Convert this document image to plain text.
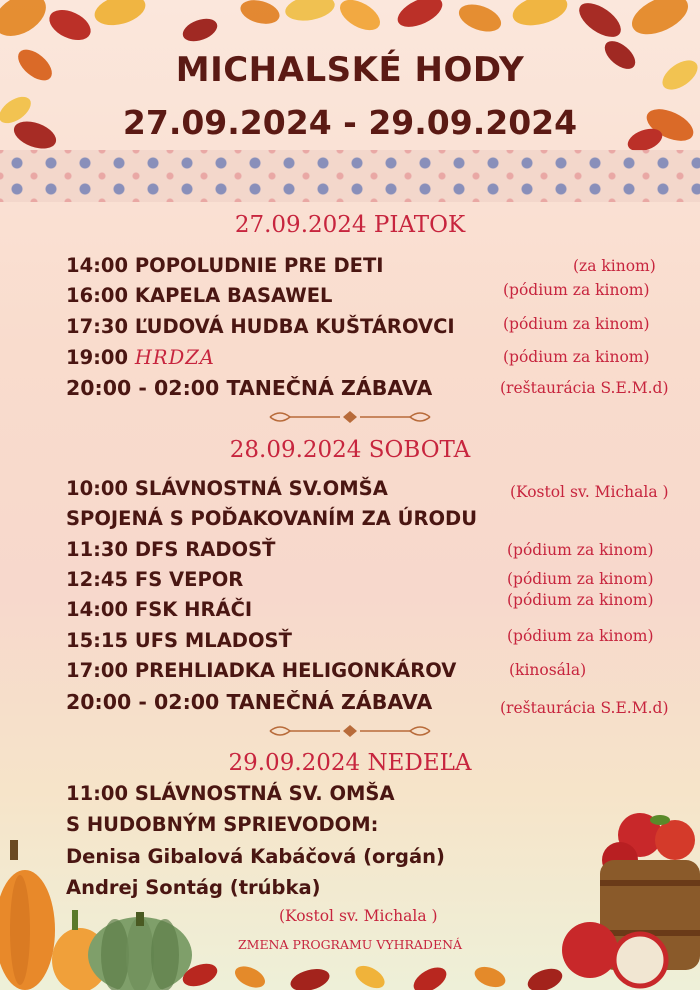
MICHALSKÉ HODY
27.09.2024 - 29.09.2024
27.09.2024 PIATOK
14:00 POPOLUDNIE PRE DETI	(za kinom)
16:00 KAPELA BASAWEL	(pódium za kinom)
17:30 ĽUDOVÁ HUDBA KUŠTÁROVCI	(pódium za kinom)
19:00 HRDZA	(pódium za kinom)
20:00 - 02:00 TANEČNÁ ZÁBAVA	(reštaurácia S.E.M.d)
28.09.2024 SOBOTA
10:00 SLÁVNOSTNÁ SV.OMŠA
SPOJENÁ S POĎAKOVANÍM ZA ÚRODU
(Kostol sv. Michala )
11:30 DFS RADOSŤ	(pódium za kinom)
12:45 FS VEPOR	(pódium za kinom)
14:00 FSK HRÁČI	(pódium za kinom)
15:15 UFS MLADOSŤ	(pódium za kinom)
17:00 PREHLIADKA HELIGONKÁROV	(kinosála)
20:00 - 02:00 TANEČNÁ ZÁBAVA	(reštaurácia S.E.M.d)
29.09.2024 NEDEĽA
11:00 SLÁVNOSTNÁ SV. OMŠA
S HUDOBNÝM SPRIEVODOM:
Denisa Gibalová Kabáčová (orgán)
Andrej Sontág (trúbka)
(Kostol sv. Michala )
ZMENA PROGRAMU VYHRADENÁ
